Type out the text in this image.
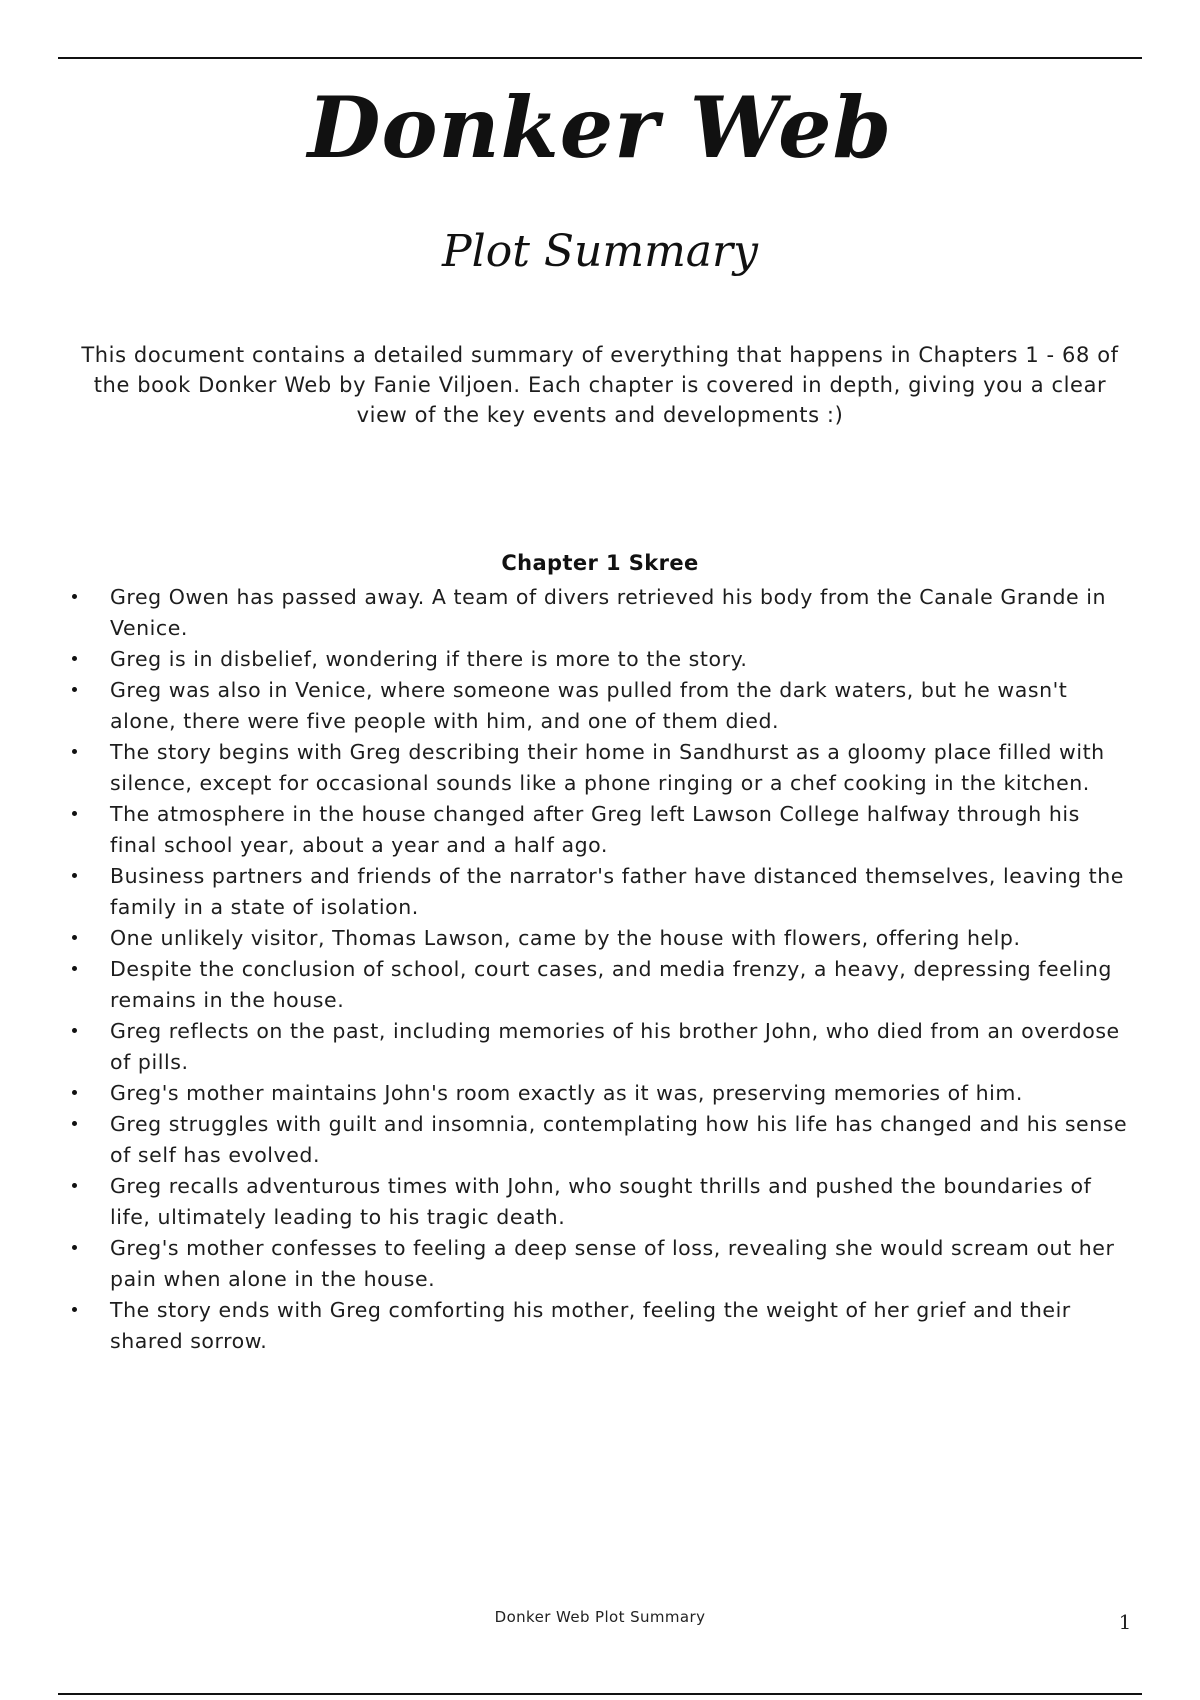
Donker Web
Plot Summary
This document contains a detailed summary of everything that happens in Chapters 1 - 68 of the book Donker Web by Fanie Viljoen. Each chapter is covered in depth, giving you a clear view of the key events and developments :)
Chapter 1 Skree
Greg Owen has passed away. A team of divers retrieved his body from the Canale Grande in Venice.
Greg is in disbelief, wondering if there is more to the story.
Greg was also in Venice, where someone was pulled from the dark waters, but he wasn't alone, there were five people with him, and one of them died.
The story begins with Greg describing their home in Sandhurst as a gloomy place filled with silence, except for occasional sounds like a phone ringing or a chef cooking in the kitchen.
The atmosphere in the house changed after Greg left Lawson College halfway through his final school year, about a year and a half ago.
Business partners and friends of the narrator's father have distanced themselves, leaving the family in a state of isolation.
One unlikely visitor, Thomas Lawson, came by the house with flowers, offering help.
Despite the conclusion of school, court cases, and media frenzy, a heavy, depressing feeling remains in the house.
Greg reflects on the past, including memories of his brother John, who died from an overdose of pills.
Greg's mother maintains John's room exactly as it was, preserving memories of him.
Greg struggles with guilt and insomnia, contemplating how his life has changed and his sense of self has evolved.
Greg recalls adventurous times with John, who sought thrills and pushed the boundaries of life, ultimately leading to his tragic death.
Greg's mother confesses to feeling a deep sense of loss, revealing she would scream out her pain when alone in the house.
The story ends with Greg comforting his mother, feeling the weight of her grief and their shared sorrow.
Donker Web Plot Summary	1
